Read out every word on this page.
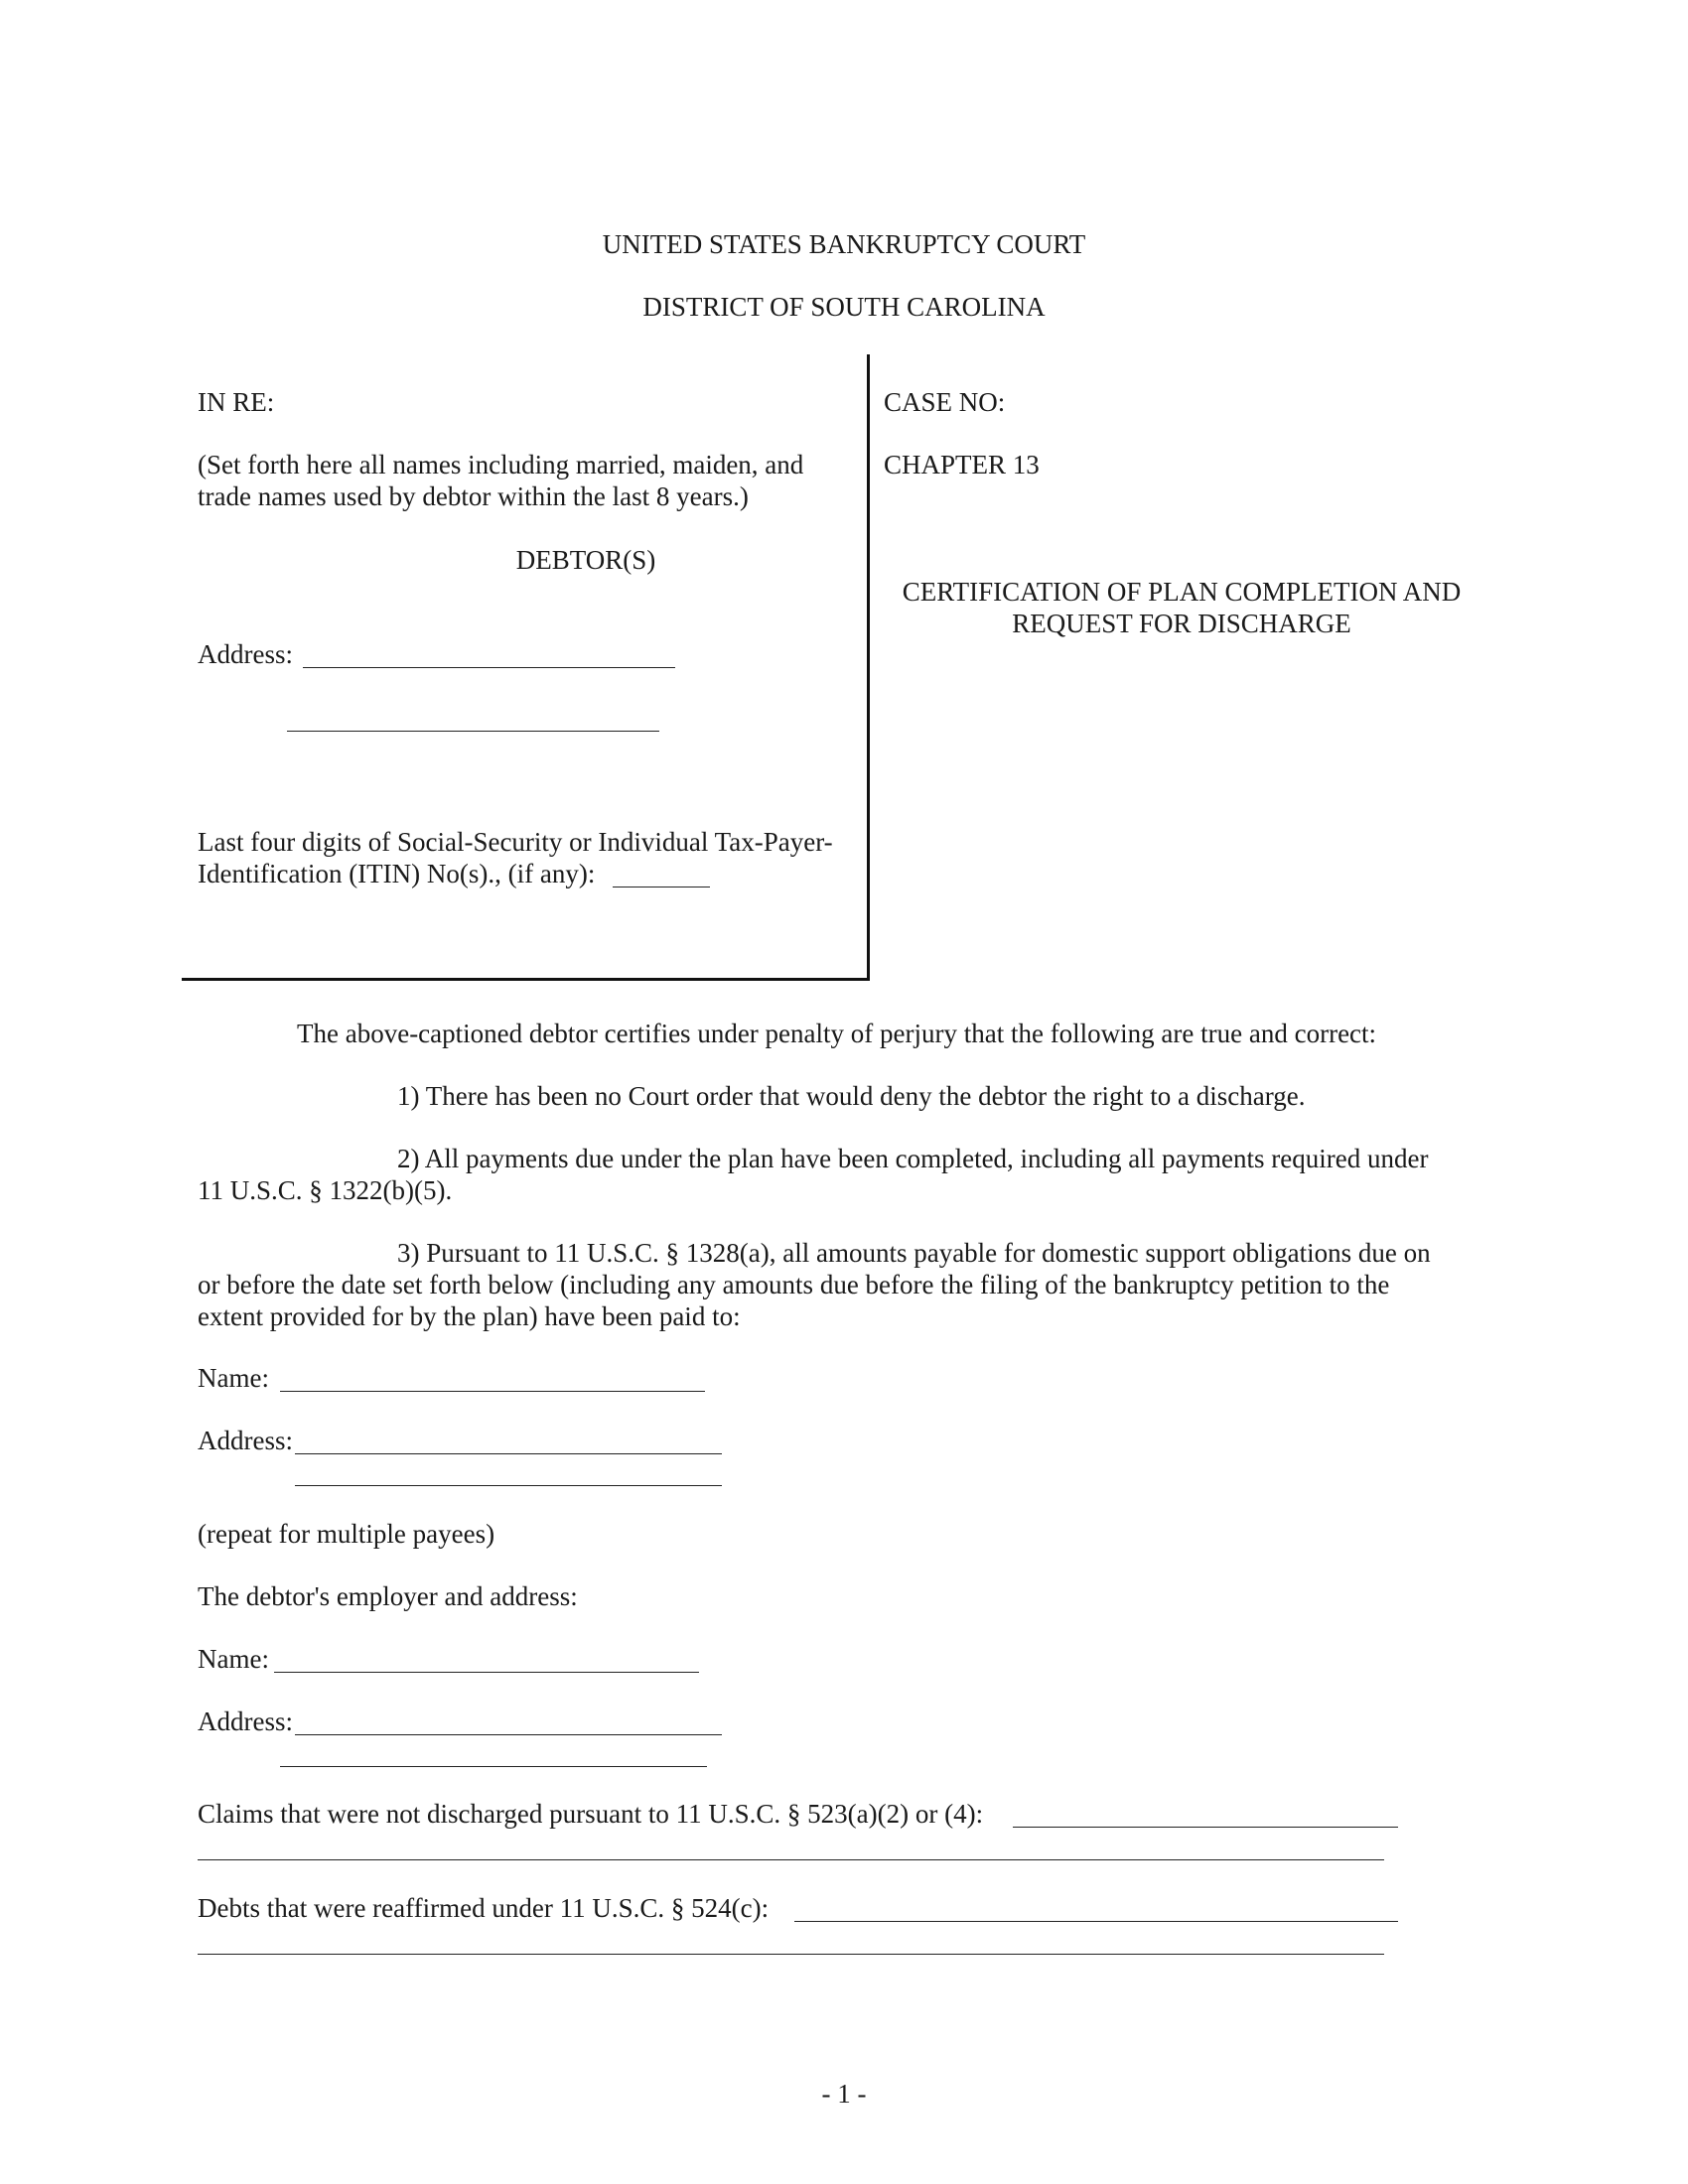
UNITED STATES BANKRUPTCY COURT
DISTRICT OF SOUTH CAROLINA
IN RE:
(Set forth here all names including married, maiden, and
trade names used by debtor within the last 8 years.)
DEBTOR(S)
Address:
Last four digits of Social-Security or Individual Tax-Payer-
Identification (ITIN) No(s)., (if any):
CASE NO:
CHAPTER 13
CERTIFICATION OF PLAN COMPLETION AND
REQUEST FOR DISCHARGE
The above-captioned debtor certifies under penalty of perjury that the following are true and correct:
1) There has been no Court order that would deny the debtor the right to a discharge.
2) All payments due under the plan have been completed, including all payments required under
11 U.S.C. § 1322(b)(5).
3) Pursuant to 11 U.S.C. § 1328(a), all amounts payable for domestic support obligations due on
or before the date set forth below (including any amounts due before the filing of the bankruptcy petition to the
extent provided for by the plan) have been paid to:
Name:
Address:
(repeat for multiple payees)
The debtor's employer and address:
Name:
Address:
Claims that were not discharged pursuant to 11 U.S.C. § 523(a)(2) or (4):
Debts that were reaffirmed under 11 U.S.C. § 524(c):
- 1 -
